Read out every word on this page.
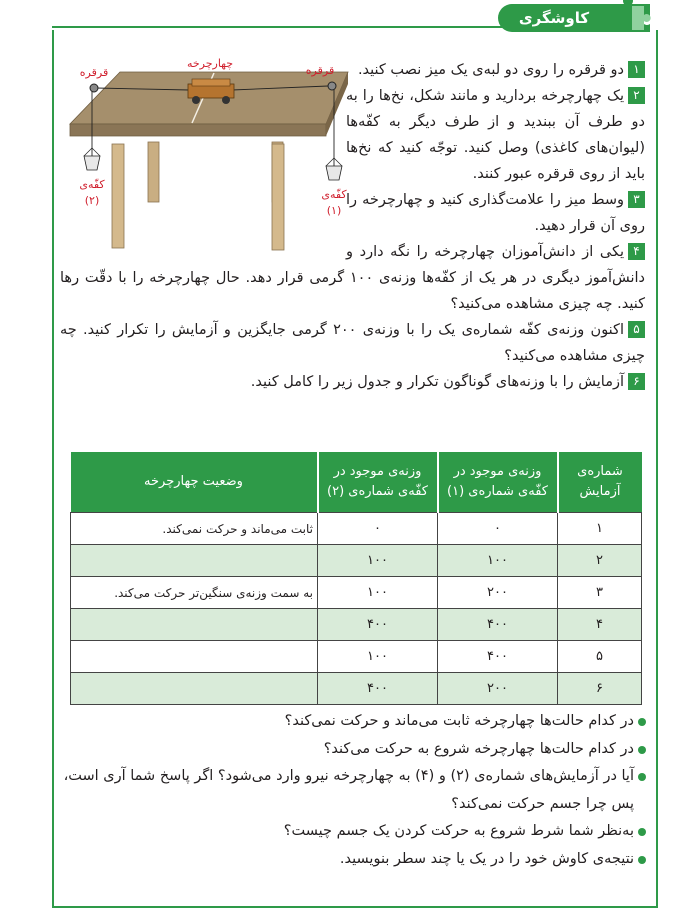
کاوشگری
چهارچرخه
قرقره	قرقره
کفّه‌ی
(۲)	کفّه‌ی
(۱)

۱دو قرقره را روی دو لبه‌ی یک میز نصب کنید.

۲یک چهارچرخه بردارید و مانند شکل، نخ‌ها را به دو طرف آن ببندید و از طرف دیگر به کفّه‌ها (لیوان‌های کاغذی) وصل کنید. توجّه کنید که نخ‌ها باید از روی قرقره عبور کنند.

۳وسط میز را علامت‌گذاری کنید و چهارچرخه را روی آن قرار دهید.

۴یکی از دانش‌آموزان چهارچرخه را نگه دارد و دانش‌آموز دیگری در هر یک از کفّه‌ها وزنه‌ی ۱۰۰ گرمی قرار دهد. حال چهارچرخه را با دقّت رها کنید. چه چیزی مشاهده می‌کنید؟

۵اکنون وزنه‌ی کفّه شماره‌ی یک را با وزنه‌ی ۲۰۰ گرمی جایگزین و آزمایش را تکرار کنید. چه چیزی مشاهده می‌کنید؟

۶آزمایش را با وزنه‌های گوناگون تکرار و جدول زیر را کامل کنید.

شماره‌ی آزمایش	وزنه‌ی موجود در کفّه‌ی شماره‌ی (۱)	وزنه‌ی موجود در کفّه‌ی شماره‌ی (۲)	وضعیت چهارچرخه
۱	۰	۰	ثابت می‌ماند و حرکت نمی‌کند.
۲	۱۰۰	۱۰۰	
۳	۲۰۰	۱۰۰	به سمت وزنه‌ی سنگین‌تر حرکت می‌کند.
۴	۴۰۰	۴۰۰	
۵	۴۰۰	۱۰۰	
۶	۲۰۰	۴۰۰	
در کدام حالت‌ها چهارچرخه ثابت می‌ماند و حرکت نمی‌کند؟
در کدام حالت‌ها چهارچرخه شروع به حرکت می‌کند؟
آیا در آزمایش‌های شماره‌ی (۲) و (۴) به چهارچرخه نیرو وارد می‌شود؟ اگر پاسخ شما آری است، پس چرا جسم حرکت نمی‌کند؟
به‌نظر شما شرط شروع به حرکت کردن یک جسم چیست؟
نتیجه‌ی کاوش خود را در یک یا چند سطر بنویسید.
